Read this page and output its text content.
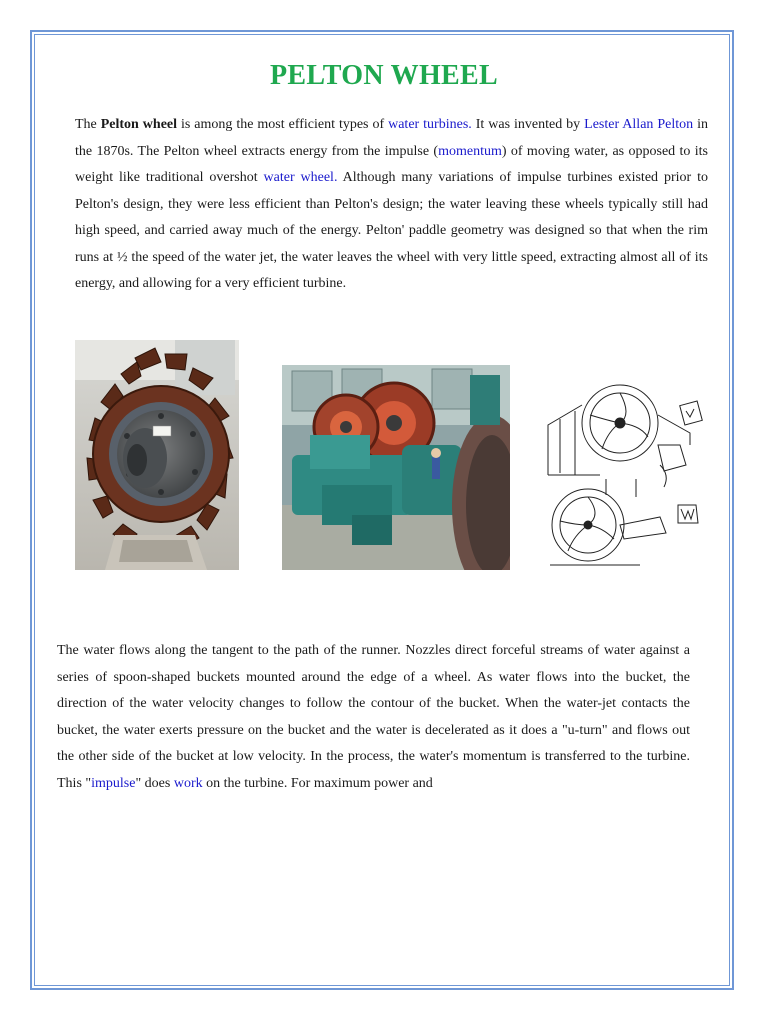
PELTON WHEEL

The Pelton wheel is among the most efficient types of water turbines. It was invented by Lester Allan Pelton in the 1870s. The Pelton wheel extracts energy from the impulse (momentum) of moving water, as opposed to its weight like traditional overshot water wheel. Although many variations of impulse turbines existed prior to Pelton's design, they were less efficient than Pelton's design; the water leaving these wheels typically still had high speed, and carried away much of the energy. Pelton' paddle geometry was designed so that when the rim runs at ½ the speed of the water jet, the water leaves the wheel with very little speed, extracting almost all of its energy, and allowing for a very efficient turbine.

The water flows along the tangent to the path of the runner. Nozzles direct forceful streams of water against a series of spoon-shaped buckets mounted around the edge of a wheel. As water flows into the bucket, the direction of the water velocity changes to follow the contour of the bucket. When the water-jet contacts the bucket, the water exerts pressure on the bucket and the water is decelerated as it does a "u-turn" and flows out the other side of the bucket at low velocity. In the process, the water's momentum is transferred to the turbine. This "impulse" does work on the turbine. For maximum power and
